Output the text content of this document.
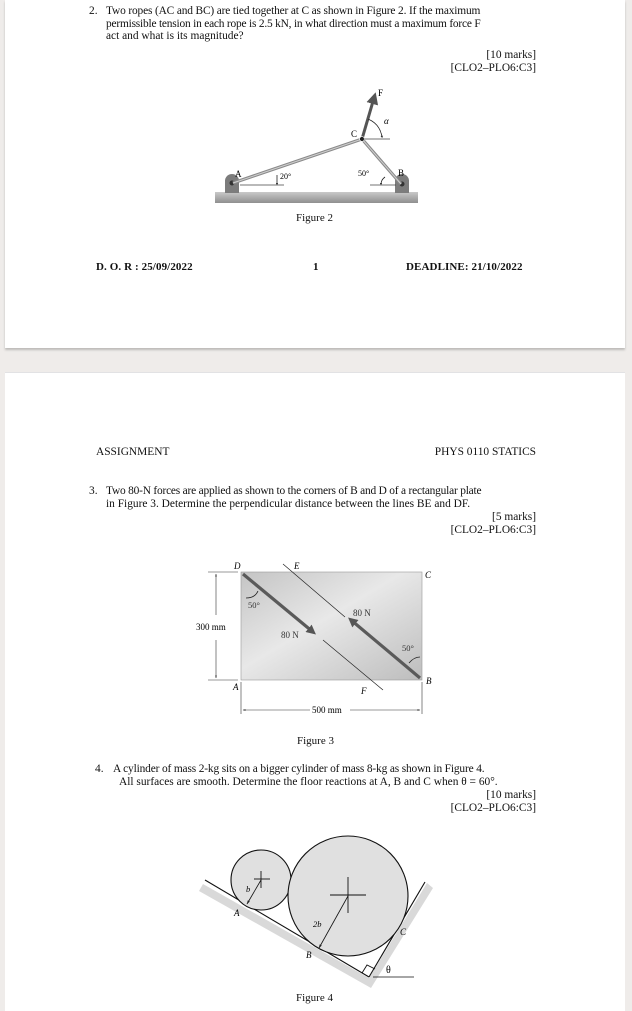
2. Two ropes (AC and BC) are tied together at C as shown in Figure 2. If the maximum
permissible tension in each rope is 2.5 kN, in what direction must a maximum force F
act and what is its magnitude?
[10 marks]
[CLO2–PLO6:C3]
F
α
C
A	B
20°	50°
Figure 2
D. O. R : 25/09/2022	1	DEADLINE: 21/10/2022
ASSIGNMENT	PHYS 0110 STATICS
3. Two 80-N forces are applied as shown to the corners of B and D of a rectangular plate
in Figure 3. Determine the perpendicular distance between the lines BE and DF.
[5 marks]
[CLO2–PLO6:C3]
D	E
C
A
B
F
50°
50°
80 N
80 N
300 mm
500 mm
Figure 3
4. A cylinder of mass 2-kg sits on a bigger cylinder of mass 8-kg as shown in Figure 4.
All surfaces are smooth. Determine the floor reactions at A, B and C when θ = 60°.
[10 marks]
[CLO2–PLO6:C3]
b
A
2b
B
C
θ
Figure 4
